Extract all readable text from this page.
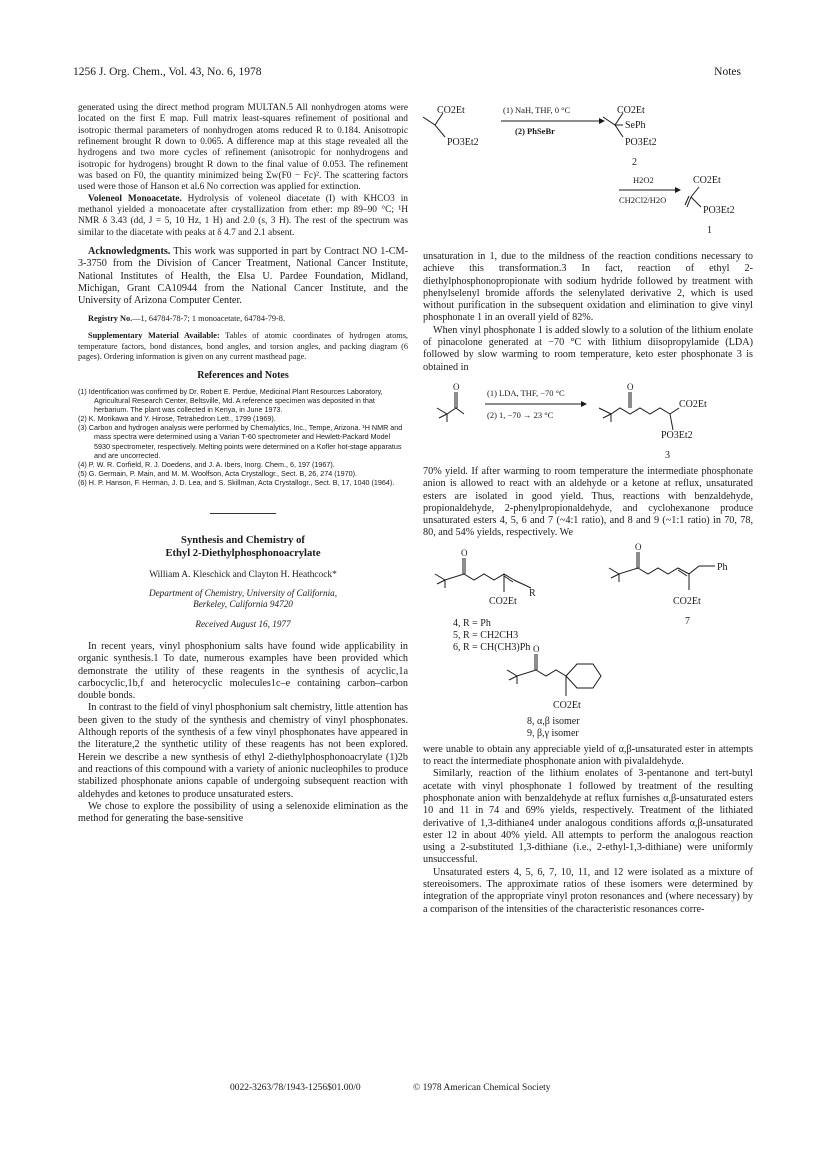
1256 J. Org. Chem., Vol. 43, No. 6, 1978	Notes

generated using the direct method program MULTAN.5 All nonhydrogen atoms were located on the first E map. Full matrix least-squares refinement of positional and isotropic thermal parameters of nonhydrogen atoms reduced R to 0.184. Anisotropic refinement brought R down to 0.065. A difference map at this stage revealed all the hydrogens and two more cycles of refinement (anisotropic for nonhydrogens and isotropic for hydrogens) brought R down to the final value of 0.053. The refinement was based on F0, the quantity minimized being Σw(F0 − Fc)². The scattering factors used were those of Hanson et al.6 No correction was applied for extinction.

Voleneol Monoacetate. Hydrolysis of voleneol diacetate (I) with KHCO3 in methanol yielded a monoacetate after crystallization from ether: mp 89–90 °C; ¹H NMR δ 3.43 (dd, J = 5, 10 Hz, 1 H) and 2.0 (s, 3 H). The rest of the spectrum was similar to the diacetate with peaks at δ 4.7 and 2.1 absent.

Acknowledgments. This work was supported in part by Contract NO 1-CM-3-3750 from the Division of Cancer Treatment, National Cancer Institute, National Institutes of Health, the Elsa U. Pardee Foundation, Midland, Michigan, Grant CA10944 from the National Cancer Institute, and the University of Arizona Computer Center.

Registry No.—1, 64784-78-7; 1 monoacetate, 64784-79-8.

Supplementary Material Available: Tables of atomic coordinates of hydrogen atoms, temperature factors, bond distances, bond angles, and torsion angles, and packing diagram (6 pages). Ordering information is given on any current masthead page.

References and Notes
(1) Identification was confirmed by Dr. Robert E. Perdue, Medicinal Plant Resources Laboratory, Agricultural Research Center, Beltsville, Md. A reference specimen was deposited in that herbarium. The plant was collected in Kenya, in June 1973.
(2) K. Morikawa and Y. Hirose, Tetrahedron Lett., 1799 (1969).
(3) Carbon and hydrogen analysis were performed by Chemalytics, Inc., Tempe, Arizona. ¹H NMR and mass spectra were determined using a Varian T-60 spectrometer and Hewlett-Packard Model 5930 spectrometer, respectively. Melting points were determined on a Kofler hot-stage apparatus and are uncorrected.
(4) P. W. R. Corfield, R. J. Doedens, and J. A. Ibers, Inorg. Chem., 6, 197 (1967).
(5) G. Germain, P. Main, and M. M. Woolfson, Acta Crystallogr., Sect. B, 26, 274 (1970).
(6) H. P. Hanson, F. Herman, J. D. Lea, and S. Skillman, Acta Crystallogr., Sect. B, 17, 1040 (1964).
Synthesis and Chemistry of
Ethyl 2-Diethylphosphonoacrylate
William A. Kleschick and Clayton H. Heathcock*
Department of Chemistry, University of California,
Berkeley, California 94720
Received August 16, 1977

In recent years, vinyl phosphonium salts have found wide applicability in organic synthesis.1 To date, numerous examples have been provided which demonstrate the utility of these reagents in the synthesis of acyclic,1a carbocyclic,1b,f and heterocyclic molecules1c–e containing carbon–carbon double bonds.

In contrast to the field of vinyl phosphonium salt chemistry, little attention has been given to the study of the synthesis and chemistry of vinyl phosphonates. Although reports of the synthesis of a few vinyl phosphonates have appeared in the literature,2 the synthetic utility of these reagents has not been explored. Herein we describe a new synthesis of ethyl 2-diethylphosphonoacrylate (1)2b and reactions of this compound with a variety of anionic nucleophiles to produce stabilized phosphonate anions capable of undergoing subsequent reaction with aldehydes and ketones to produce unsaturated esters.

We chose to explore the possibility of using a selenoxide elimination as the method for generating the base-sensitive

CO2Et
PO3Et2
(1) NaH, THF, 0 °C
(2) PhSeBr
CO2Et
SePh
PO3Et2
2
H2O2
CH2Cl2/H2O
CO2Et
PO3Et2
1

unsaturation in 1, due to the mildness of the reaction conditions necessary to achieve this transformation.3 In fact, reaction of ethyl 2-diethylphosphonopropionate with sodium hydride followed by treatment with phenylselenyl bromide affords the selenylated derivative 2, which is used without purification in the subsequent oxidation and elimination to give vinyl phosphonate 1 in an overall yield of 82%.

When vinyl phosphonate 1 is added slowly to a solution of the lithium enolate of pinacolone generated at −70 °C with lithium diisopropylamide (LDA) followed by slow warming to room temperature, keto ester phosphonate 3 is obtained in

O
(1) LDA, THF, −70 °C
(2) 1, −70 → 23 °C
O
CO2Et
PO3Et2
3

70% yield. If after warming to room temperature the intermediate phosphonate anion is allowed to react with an aldehyde or a ketone at reflux, unsaturated esters are isolated in good yield. Thus, reactions with benzaldehyde, propionaldehyde, 2-phenylpropionaldehyde, and cyclohexanone produce unsaturated esters 4, 5, 6 and 7 (~4:1 ratio), and 8 and 9 (~1:1 ratio) in 70, 78, 80, and 54% yields, respectively. We

O
R
CO2Et
4, R = Ph
5, R = CH2CH3
6, R = CH(CH3)Ph
O
Ph
CO2Et
7
O
CO2Et
8, α,β isomer
9, β,γ isomer

were unable to obtain any appreciable yield of α,β-unsaturated ester in attempts to react the intermediate phosphonate anion with pivalaldehyde.

Similarly, reaction of the lithium enolates of 3-pentanone and tert-butyl acetate with vinyl phosphonate 1 followed by treatment of the resulting phosphonate anion with benzaldehyde at reflux furnishes α,β-unsaturated esters 10 and 11 in 74 and 69% yields, respectively. Treatment of the lithiated derivative of 1,3-dithiane4 under analogous conditions affords α,β-unsaturated ester 12 in about 40% yield. All attempts to perform the analogous reaction using a 2-substituted 1,3-dithiane (i.e., 2-ethyl-1,3-dithiane) were uniformly unsuccessful.

Unsaturated esters 4, 5, 6, 7, 10, 11, and 12 were isolated as a mixture of stereoisomers. The approximate ratios of these isomers were determined by integration of the appropriate vinyl proton resonances and (where necessary) by a comparison of the intensities of the characteristic resonances corre-

0022-3263/78/1943-1256$01.00/0	© 1978 American Chemical Society
